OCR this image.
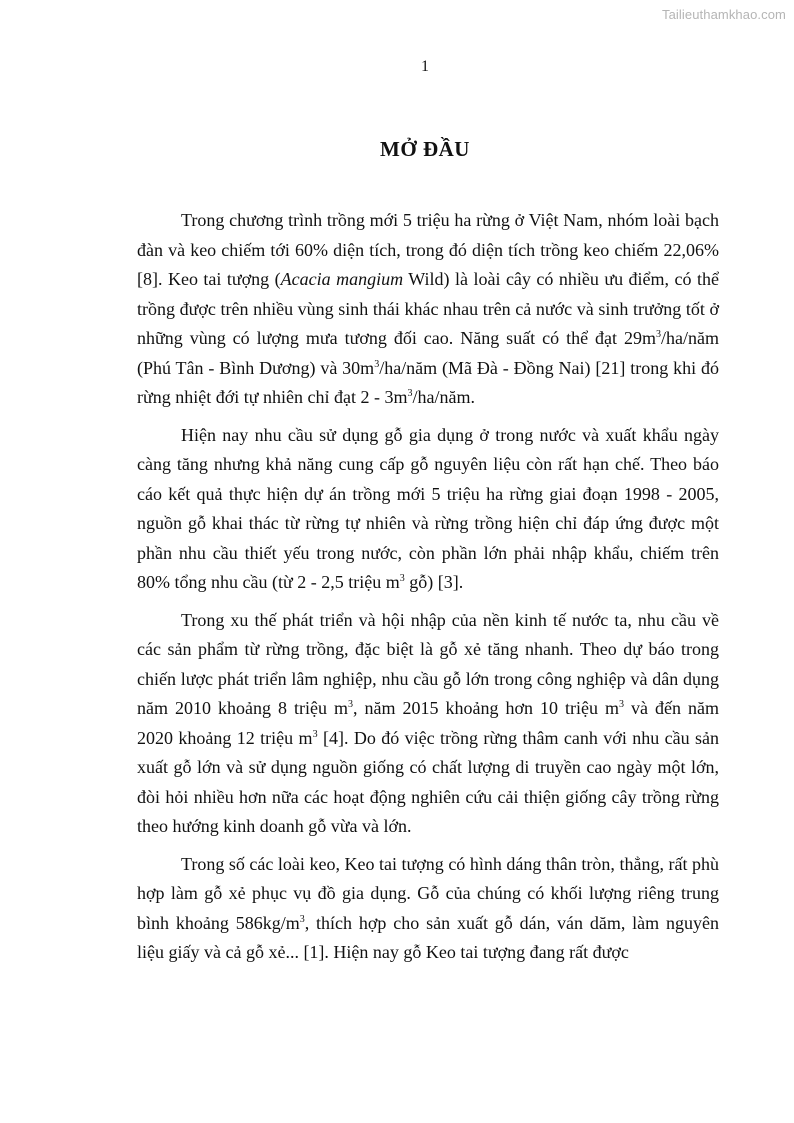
Tailieuthamkhao.com
1
MỞ ĐẦU

Trong chương trình trồng mới 5 triệu ha rừng ở Việt Nam, nhóm loài bạch đàn và keo chiếm tới 60% diện tích, trong đó diện tích trồng keo chiếm 22,06% [8]. Keo tai tượng (Acacia mangium Wild) là loài cây có nhiều ưu điểm, có thể trồng được trên nhiều vùng sinh thái khác nhau trên cả nước và sinh trưởng tốt ở những vùng có lượng mưa tương đối cao. Năng suất có thể đạt $29m^3/ha$/năm (Phú Tân - Bình Dương) và $30m^3/ha$/năm (Mã Đà - Đồng Nai) [21] trong khi đó rừng nhiệt đới tự nhiên chỉ đạt $2 - 3m^3/ha$/năm.

Hiện nay nhu cầu sử dụng gỗ gia dụng ở trong nước và xuất khẩu ngày càng tăng nhưng khả năng cung cấp gỗ nguyên liệu còn rất hạn chế. Theo báo cáo kết quả thực hiện dự án trồng mới 5 triệu ha rừng giai đoạn 1998 - 2005, nguồn gỗ khai thác từ rừng tự nhiên và rừng trồng hiện chỉ đáp ứng được một phần nhu cầu thiết yếu trong nước, còn phần lớn phải nhập khẩu, chiếm trên 80% tổng nhu cầu (từ 2 - 2,5 triệu $m^3$ gỗ) [3].

Trong xu thế phát triển và hội nhập của nền kinh tế nước ta, nhu cầu về các sản phẩm từ rừng trồng, đặc biệt là gỗ xẻ tăng nhanh. Theo dự báo trong chiến lược phát triển lâm nghiệp, nhu cầu gỗ lớn trong công nghiệp và dân dụng năm 2010 khoảng 8 triệu $m^3$, năm 2015 khoảng hơn 10 triệu $m^3$ và đến năm 2020 khoảng 12 triệu $m^3$ [4]. Do đó việc trồng rừng thâm canh với nhu cầu sản xuất gỗ lớn và sử dụng nguồn giống có chất lượng di truyền cao ngày một lớn, đòi hỏi nhiều hơn nữa các hoạt động nghiên cứu cải thiện giống cây trồng rừng theo hướng kinh doanh gỗ vừa và lớn.

Trong số các loài keo, Keo tai tượng có hình dáng thân tròn, thẳng, rất phù hợp làm gỗ xẻ phục vụ đồ gia dụng. Gỗ của chúng có khối lượng riêng trung bình khoảng $586kg/m^3$, thích hợp cho sản xuất gỗ dán, ván dăm, làm nguyên liệu giấy và cả gỗ xẻ... [1]. Hiện nay gỗ Keo tai tượng đang rất được
